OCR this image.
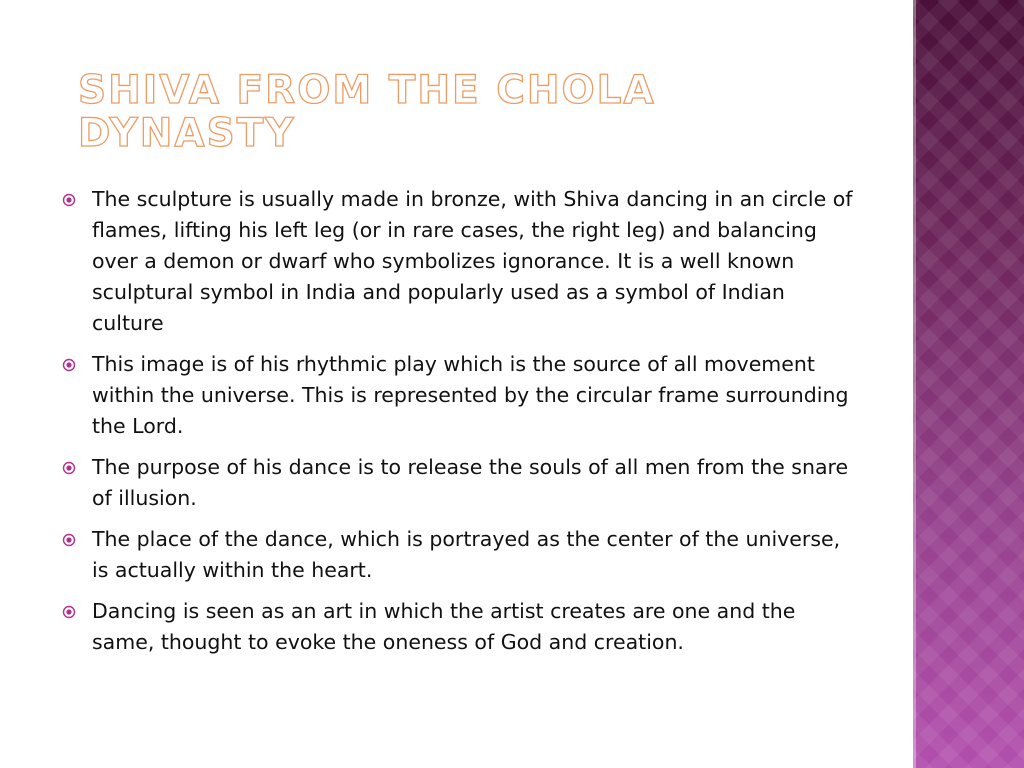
SHIVA FROM THE CHOLA DYNASTY
The sculpture is usually made in bronze, with Shiva dancing in an circle of flames, lifting his left leg (or in rare cases, the right leg) and balancing over a demon or dwarf who symbolizes ignorance. It is a well known sculptural symbol in India and popularly used as a symbol of Indian culture
This image is of his rhythmic play which is the source of all movement within the universe. This is represented by the circular frame surrounding the Lord.
The purpose of his dance is to release the souls of all men from the snare of illusion.
The place of the dance, which is portrayed as the center of the universe, is actually within the heart.
Dancing is seen as an art in which the artist creates are one and the same, thought to evoke the oneness of God and creation.
